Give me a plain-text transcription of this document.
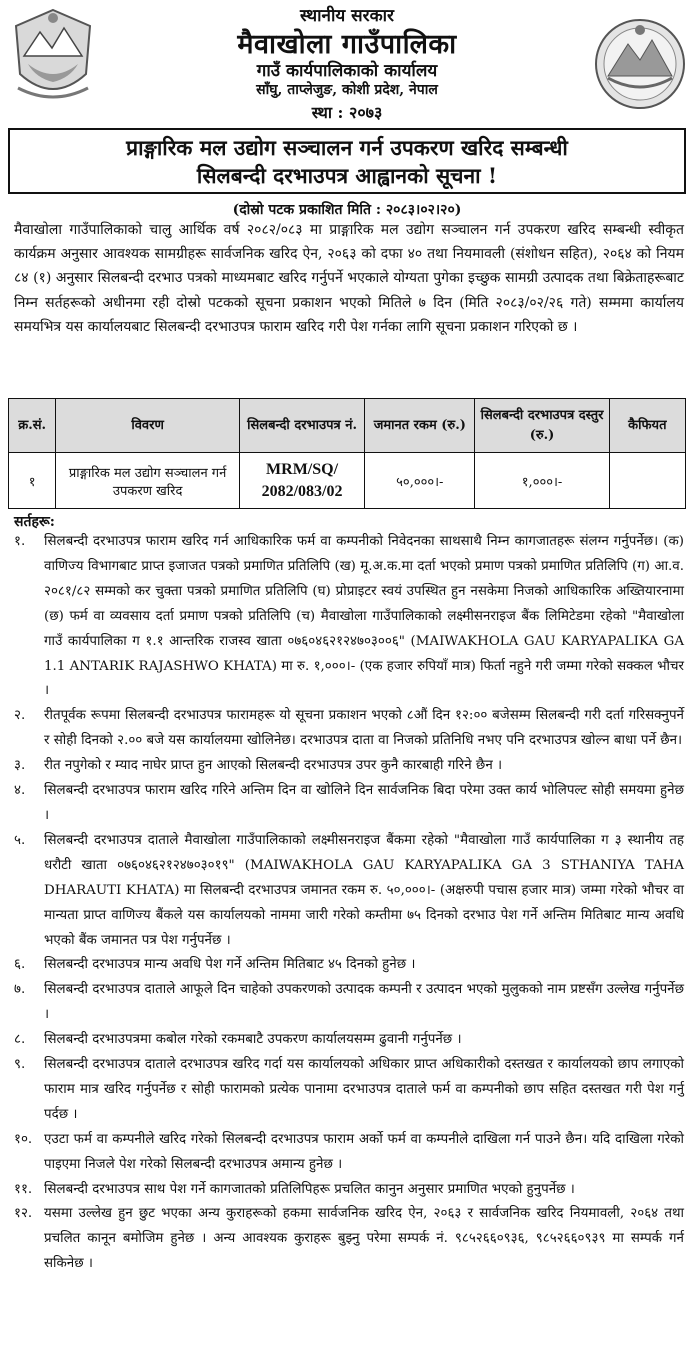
स्थानीय सरकार
मैवाखोला गाउँपालिका
गाउँ कार्यपालिकाको कार्यालय
साँघु, ताप्लेजुङ, कोशी प्रदेश, नेपाल
स्था : २०७३
प्राङ्गारिक मल उद्योग सञ्चालन गर्न उपकरण खरिद सम्बन्धी
सिलबन्दी दरभाउपत्र आह्वानको सूचना !
(दोस्रो पटक प्रकाशित मिति : २०८३।०२।२०)
मैवाखोला गाउँपालिकाको चालु आर्थिक वर्ष २०८२/०८३ मा प्राङ्गारिक मल उद्योग सञ्चालन गर्न उपकरण खरिद सम्बन्धी स्वीकृत कार्यक्रम अनुसार आवश्यक सामग्रीहरू सार्वजनिक खरिद ऐन, २०६३ को दफा ४० तथा नियमावली (संशोधन सहित), २०६४ को नियम ८४ (१) अनुसार सिलबन्दी दरभाउ पत्रको माध्यमबाट खरिद गर्नुपर्ने भएकाले योग्यता पुगेका इच्छुक सामग्री उत्पादक तथा बिक्रेताहरूबाट निम्न सर्तहरूको अधीनमा रही दोस्रो पटकको सूचना प्रकाशन भएको मितिले ७ दिन (मिति २०८३/०२/२६ गते) सम्ममा कार्यालय समयभित्र यस कार्यालयबाट सिलबन्दी दरभाउपत्र फाराम खरिद गरी पेश गर्नका लागि सूचना प्रकाशन गरिएको छ ।
क्र.सं.	विवरण	सिलबन्दी दरभाउपत्र नं.	जमानत रकम (रु.)	सिलबन्दी दरभाउपत्र दस्तुर (रु.)	कैफियत
१	प्राङ्गारिक मल उद्योग सञ्चालन गर्न उपकरण खरिद	MRM/SQ/ 2082/083/02	५०,०००।-	१,०००।-	
सर्तहरू:
१.	सिलबन्दी दरभाउपत्र फाराम खरिद गर्न आधिकारिक फर्म वा कम्पनीको निवेदनका साथसाथै निम्न कागजातहरू संलग्न गर्नुपर्नेछ। (क) वाणिज्य विभागबाट प्राप्त इजाजत पत्रको प्रमाणित प्रतिलिपि (ख) मू.अ.क.मा दर्ता भएको प्रमाण पत्रको प्रमाणित प्रतिलिपि (ग) आ.व. २०८१/८२ सम्मको कर चुक्ता पत्रको प्रमाणित प्रतिलिपि (घ) प्रोप्राइटर स्वयं उपस्थित हुन नसकेमा निजको आधिकारिक अख्तियारनामा (छ) फर्म वा व्यवसाय दर्ता प्रमाण पत्रको प्रतिलिपि (च) मैवाखोला गाउँपालिकाको लक्ष्मीसनराइज बैंक लिमिटेडमा रहेको "मैवाखोला गाउँ कार्यपालिका ग १.१ आन्तरिक राजस्व खाता ०७६०४६२१२४७०३००६" (MAIWAKHOLA GAU KARYAPALIKA GA 1.1 ANTARIK RAJASHWO KHATA) मा रु. १,०००।- (एक हजार रुपियाँ मात्र) फिर्ता नहुने गरी जम्मा गरेको सक्कल भौचर ।
२.	रीतपूर्वक रूपमा सिलबन्दी दरभाउपत्र फारामहरू यो सूचना प्रकाशन भएको ८औं दिन १२:०० बजेसम्म सिलबन्दी गरी दर्ता गरिसक्नुपर्ने र सोही दिनको २.०० बजे यस कार्यालयमा खोलिनेछ। दरभाउपत्र दाता वा निजको प्रतिनिधि नभए पनि दरभाउपत्र खोल्न बाधा पर्ने छैन।
३.	रीत नपुगेको र म्याद नाघेर प्राप्त हुन आएको सिलबन्दी दरभाउपत्र उपर कुनै कारबाही गरिने छैन ।
४.	सिलबन्दी दरभाउपत्र फाराम खरिद गरिने अन्तिम दिन वा खोलिने दिन सार्वजनिक बिदा परेमा उक्त कार्य भोलिपल्ट सोही समयमा हुनेछ ।
५.	सिलबन्दी दरभाउपत्र दाताले मैवाखोला गाउँपालिकाको लक्ष्मीसनराइज बैंकमा रहेको "मैवाखोला गाउँ कार्यपालिका ग ३ स्थानीय तह धरौटी खाता ०७६०४६२१२४७०३०१९" (MAIWAKHOLA GAU KARYAPALIKA GA 3 STHANIYA TAHA DHARAUTI KHATA) मा सिलबन्दी दरभाउपत्र जमानत रकम रु. ५०,०००।- (अक्षरुपी पचास हजार मात्र) जम्मा गरेको भौचर वा मान्यता प्राप्त वाणिज्य बैंकले यस कार्यालयको नाममा जारी गरेको कम्तीमा ७५ दिनको दरभाउ पेश गर्ने अन्तिम मितिबाट मान्य अवधि भएको बैंक जमानत पत्र पेश गर्नुपर्नेछ ।
६.	सिलबन्दी दरभाउपत्र मान्य अवधि पेश गर्ने अन्तिम मितिबाट ४५ दिनको हुनेछ ।
७.	सिलबन्दी दरभाउपत्र दाताले आफूले दिन चाहेको उपकरणको उत्पादक कम्पनी र उत्पादन भएको मुलुकको नाम प्रष्टसँग उल्लेख गर्नुपर्नेछ ।
८.	सिलबन्दी दरभाउपत्रमा कबोल गरेको रकमबाटै उपकरण कार्यालयसम्म ढुवानी गर्नुपर्नेछ ।
९.	सिलबन्दी दरभाउपत्र दाताले दरभाउपत्र खरिद गर्दा यस कार्यालयको अधिकार प्राप्त अधिकारीको दस्तखत र कार्यालयको छाप लगाएको फाराम मात्र खरिद गर्नुपर्नेछ र सोही फारामको प्रत्येक पानामा दरभाउपत्र दाताले फर्म वा कम्पनीको छाप सहित दस्तखत गरी पेश गर्नु पर्दछ ।
१०. एउटा फर्म वा कम्पनीले खरिद गरेको सिलबन्दी दरभाउपत्र फाराम अर्को फर्म वा कम्पनीले दाखिला गर्न पाउने छैन। यदि दाखिला गरेको पाइएमा निजले पेश गरेको सिलबन्दी दरभाउपत्र अमान्य हुनेछ ।
११. सिलबन्दी दरभाउपत्र साथ पेश गर्ने कागजातको प्रतिलिपिहरू प्रचलित कानुन अनुसार प्रमाणित भएको हुनुपर्नेछ ।
१२. यसमा उल्लेख हुन छुट भएका अन्य कुराहरूको हकमा सार्वजनिक खरिद ऐन, २०६३ र सार्वजनिक खरिद नियमावली, २०६४ तथा प्रचलित कानून बमोजिम हुनेछ । अन्य आवश्यक कुराहरू बुझ्नु परेमा सम्पर्क नं. ९८५२६६०९३६, ९८५२६६०९३९ मा सम्पर्क गर्न सकिनेछ ।
